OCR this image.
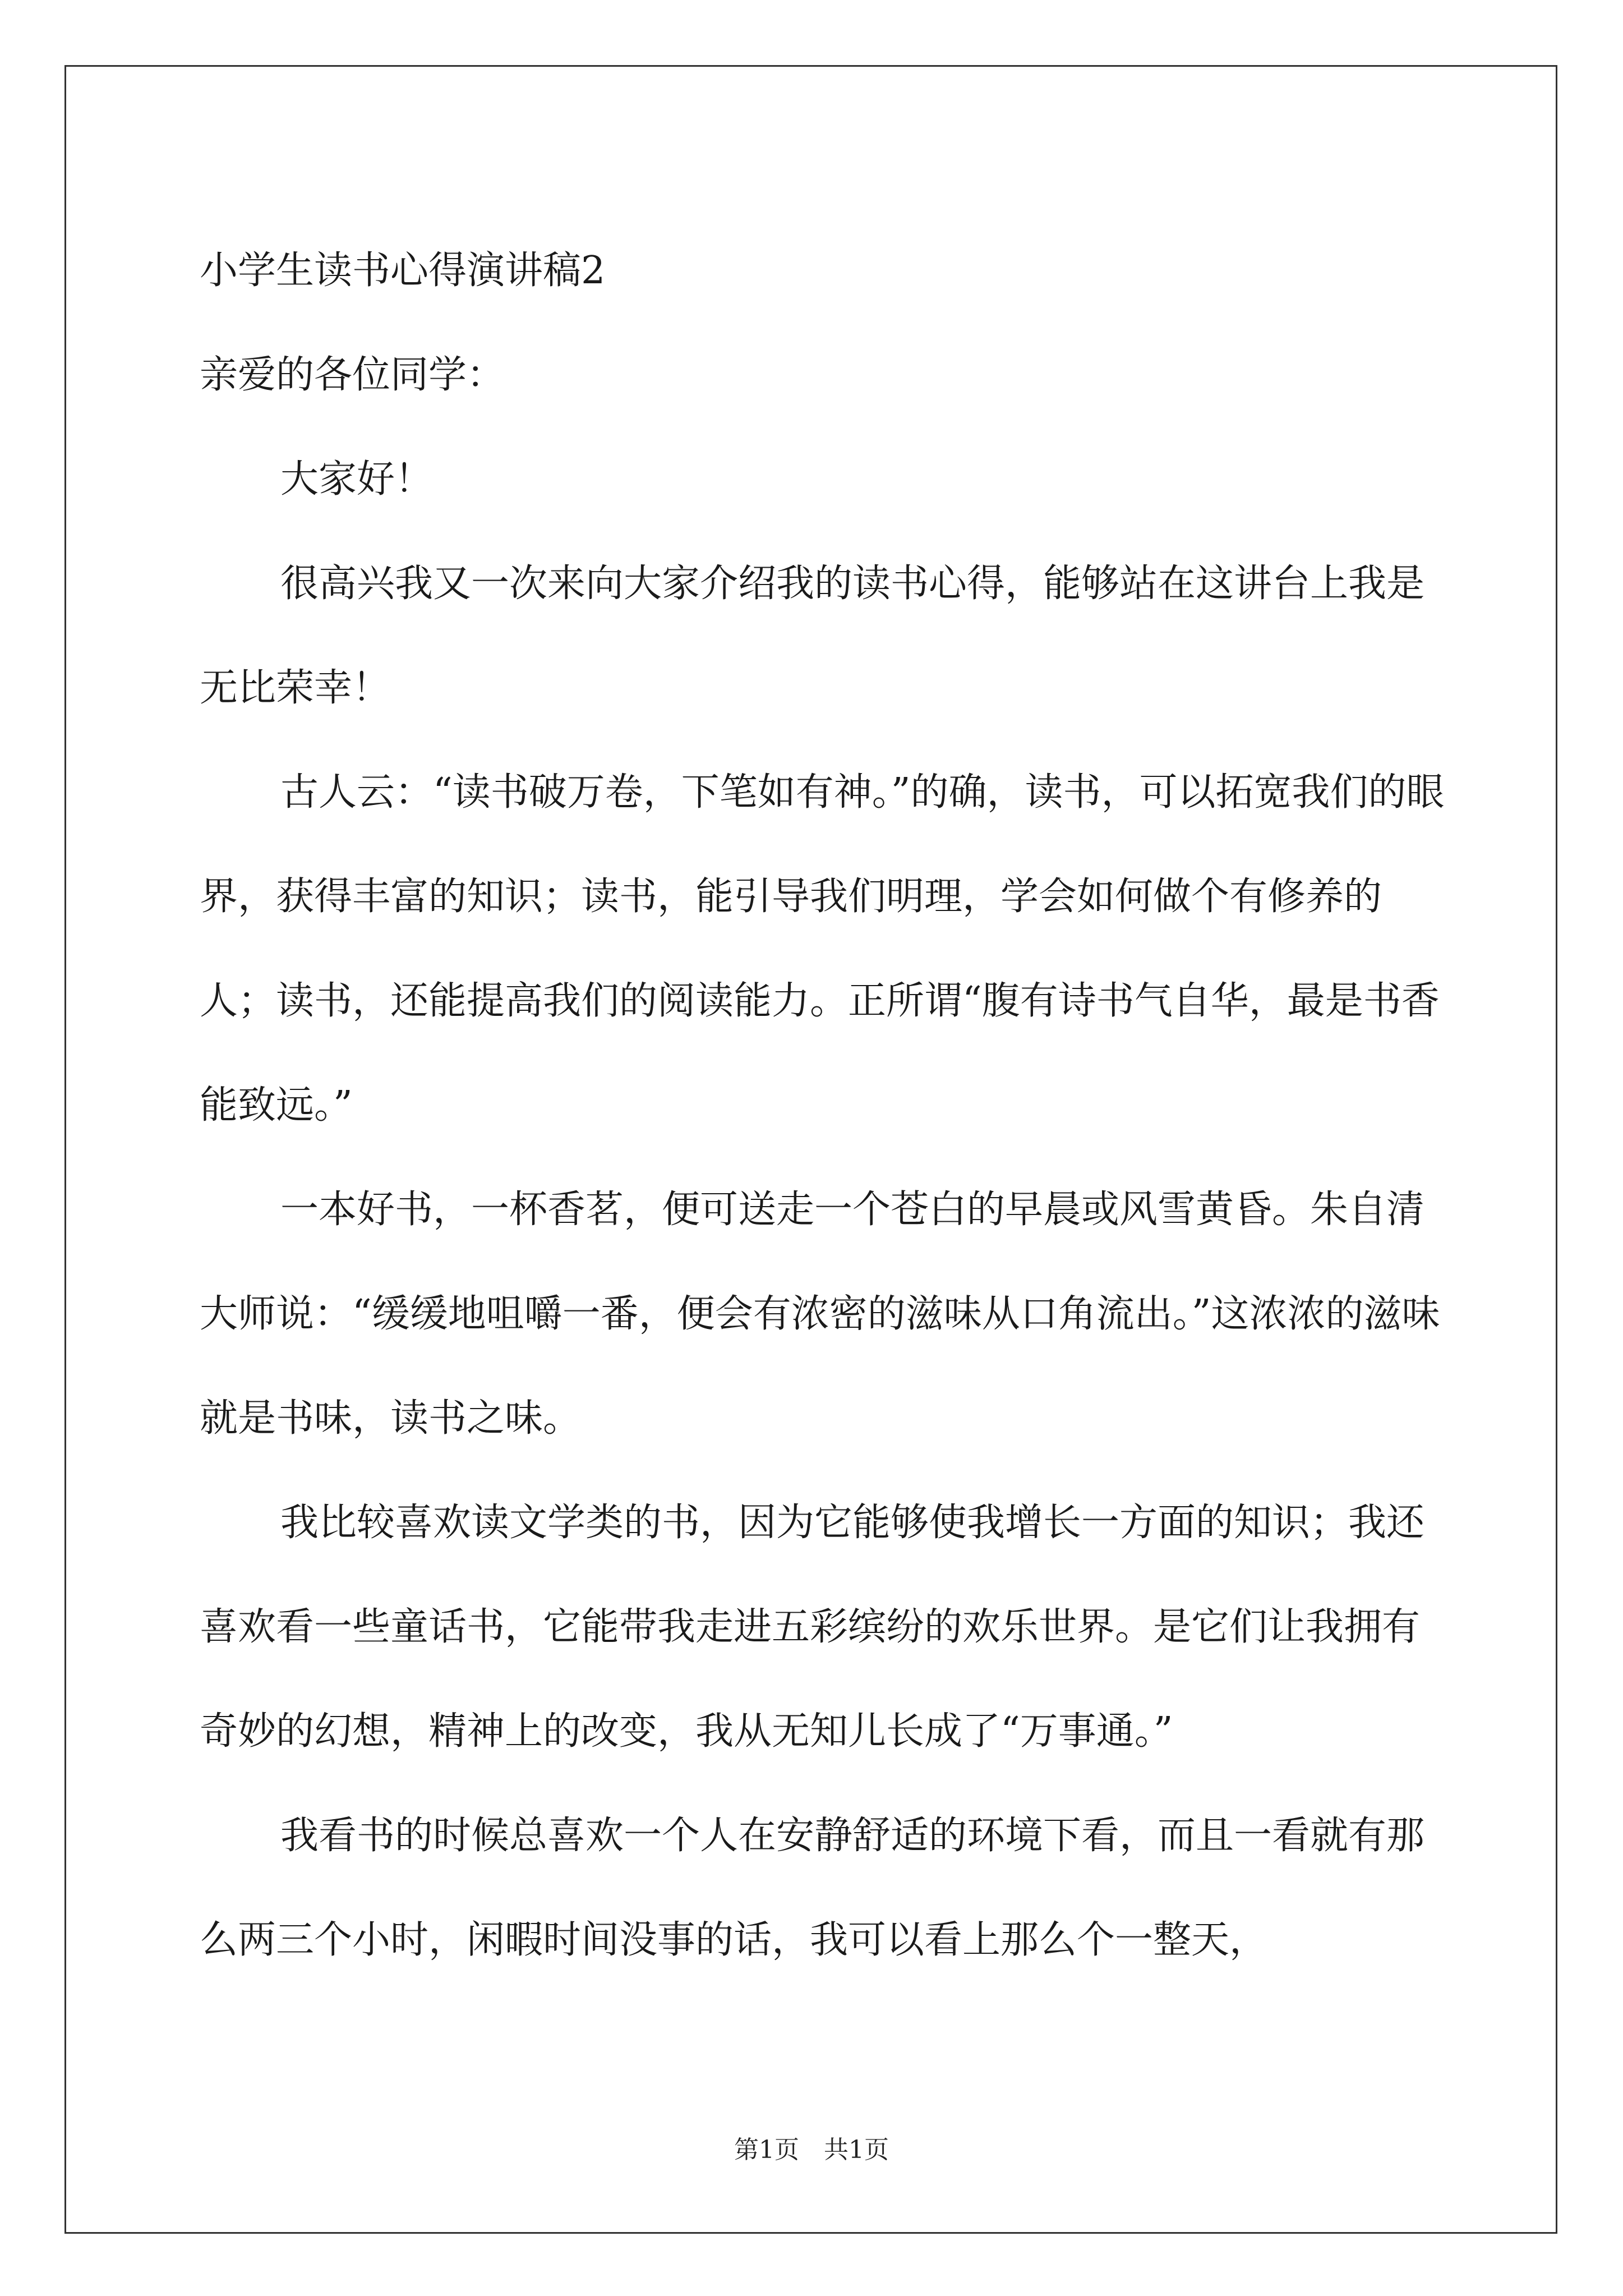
小学生读书心得演讲稿2

亲爱的各位同学：

大家好！

很高兴我又一次来向大家介绍我的读书心得，能够站在这讲台上我是无比荣幸！

古人云：“读书破万卷，下笔如有神。”的确，读书，可以拓宽我们的眼界，获得丰富的知识；读书，能引导我们明理，学会如何做个有修养的人；读书，还能提高我们的阅读能力。正所谓“腹有诗书气自华，最是书香能致远。”

一本好书，一杯香茗，便可送走一个苍白的早晨或风雪黄昏。朱自清大师说：“缓缓地咀嚼一番，便会有浓密的滋味从口角流出。”这浓浓的滋味就是书味，读书之味。

我比较喜欢读文学类的书，因为它能够使我增长一方面的知识；我还喜欢看一些童话书，它能带我走进五彩缤纷的欢乐世界。是它们让我拥有奇妙的幻想，精神上的改变，我从无知儿长成了“万事通。”

我看书的时候总喜欢一个人在安静舒适的环境下看，而且一看就有那么两三个小时，闲暇时间没事的话，我可以看上那么个一整天，

第1页　共1页
